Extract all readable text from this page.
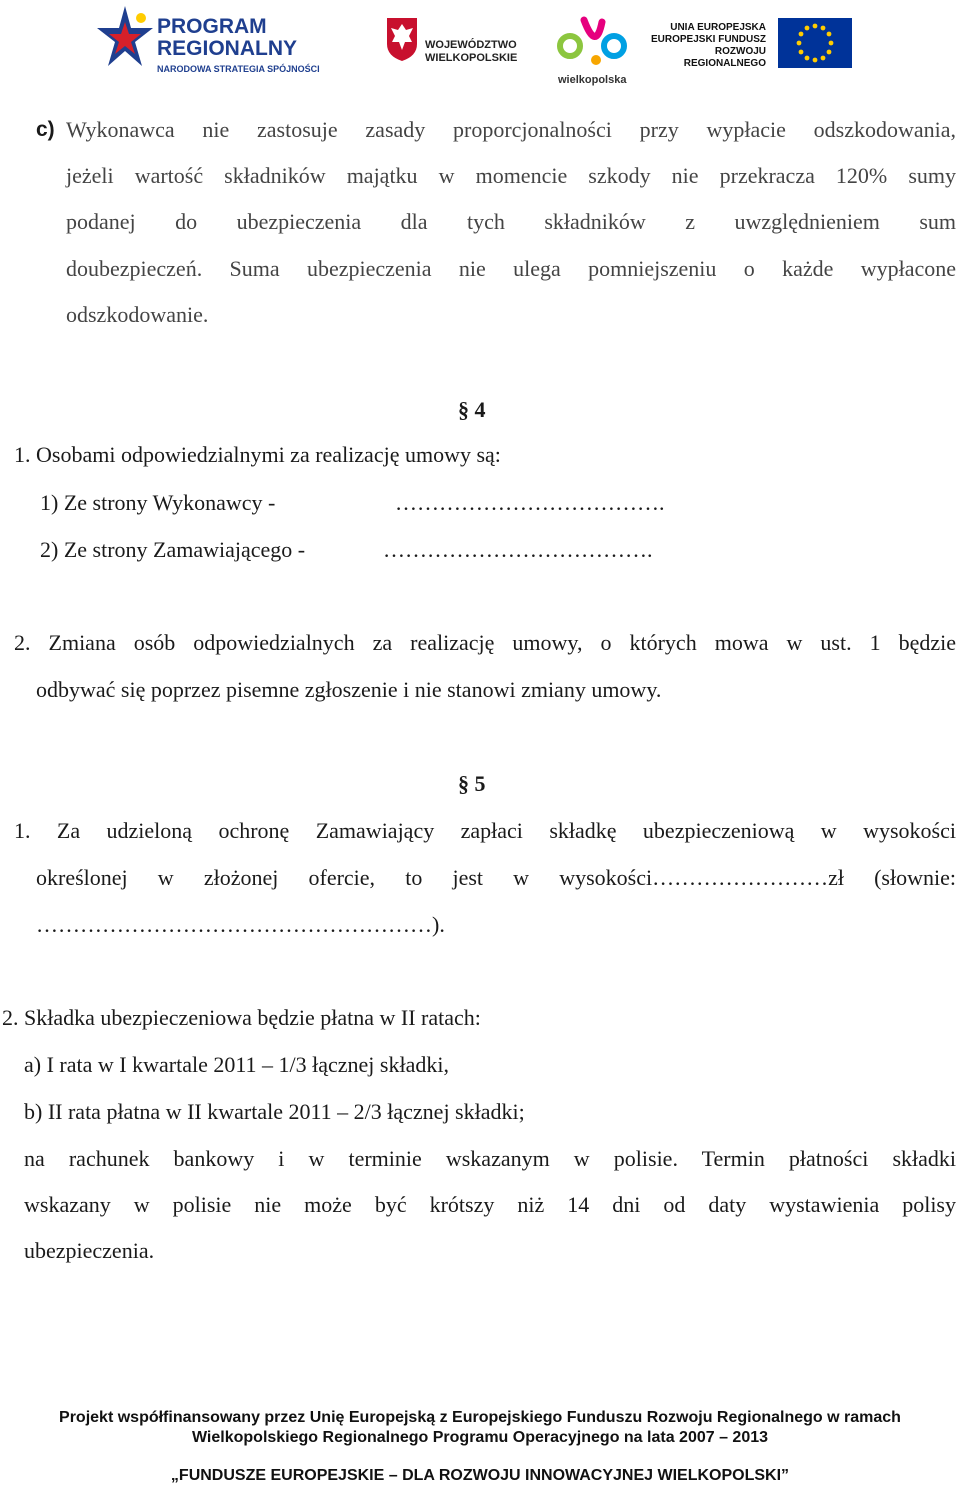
PROGRAM
REGIONALNY
NARODOWA STRATEGIA SPÓJNOŚCI
WOJEWÓDZTWO
WIELKOPOLSKIE
wielkopolska
UNIA EUROPEJSKA
EUROPEJSKI FUNDUSZ
ROZWOJU REGIONALNEGO
c) Wykonawca nie zastosuje zasady proporcjonalności przy wypłacie odszkodowania,
jeżeli wartość składników majątku w momencie szkody nie przekracza 120% sumy
podanej do ubezpieczenia dla tych składników z uwzględnieniem sum
doubezpieczeń. Suma ubezpieczenia nie ulega pomniejszeniu o każde wypłacone
odszkodowanie.
§ 4
1. Osobami odpowiedzialnymi za realizację umowy są:
1) Ze strony Wykonawcy -	……………………………….
2) Ze strony Zamawiającego -	……………………………….
2. Zmiana osób odpowiedzialnych za realizację umowy, o których mowa w ust. 1 będzie
odbywać się poprzez pisemne zgłoszenie i nie stanowi zmiany umowy.
§ 5
1. Za udzieloną ochronę Zamawiający zapłaci składkę ubezpieczeniową w wysokości
określonej w złożonej ofercie, to jest w wysokości……………………zł (słownie:
………………………………………………).
2. Składka ubezpieczeniowa będzie płatna w II ratach:
a) I rata w I kwartale 2011 – 1/3 łącznej składki,
b) II rata płatna w II kwartale 2011 – 2/3 łącznej składki;
na rachunek bankowy i w terminie wskazanym w polisie. Termin płatności składki
wskazany w polisie nie może być krótszy niż 14 dni od daty wystawienia polisy
ubezpieczenia.
Projekt współfinansowany przez Unię Europejską z Europejskiego Funduszu Rozwoju Regionalnego w ramach
Wielkopolskiego Regionalnego Programu Operacyjnego na lata 2007 – 2013
„FUNDUSZE EUROPEJSKIE – DLA ROZWOJU INNOWACYJNEJ WIELKOPOLSKI”
